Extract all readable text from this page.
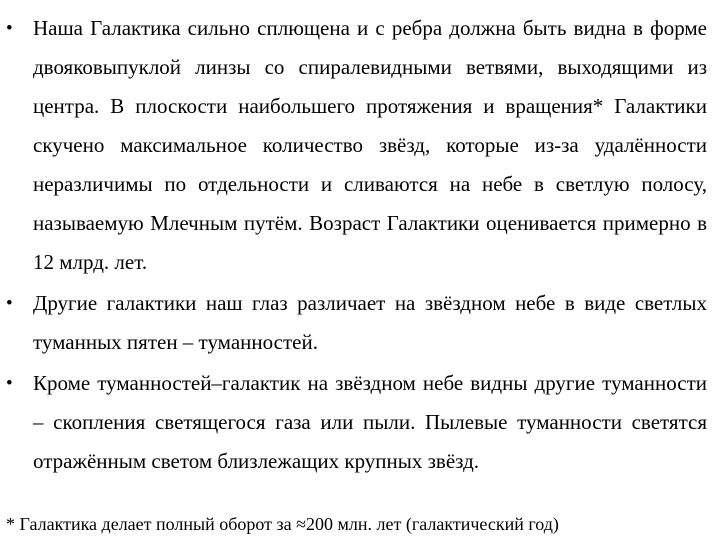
• Наша Галактика сильно сплющена и с ребра должна быть видна в форме двояковыпуклой линзы со спиралевидными ветвями, выходящими из центра. В плоскости наибольшего протяжения и вращения* Галактики скучено максимальное количество звёзд, которые из-за удалённости неразличимы по отдельности и сливаются на небе в светлую полосу, называемую Млечным путём. Возраст Галактики оценивается примерно в 12 млрд. лет.
• Другие галактики наш глаз различает на звёздном небе в виде светлых туманных пятен – туманностей.
• Кроме туманностей–галактик на звёздном небе видны другие туманности – скопления светящегося газа или пыли. Пылевые туманности светятся отражённым светом близлежащих крупных звёзд.
* Галактика делает полный оборот за ≈200 млн. лет (галактический год)
